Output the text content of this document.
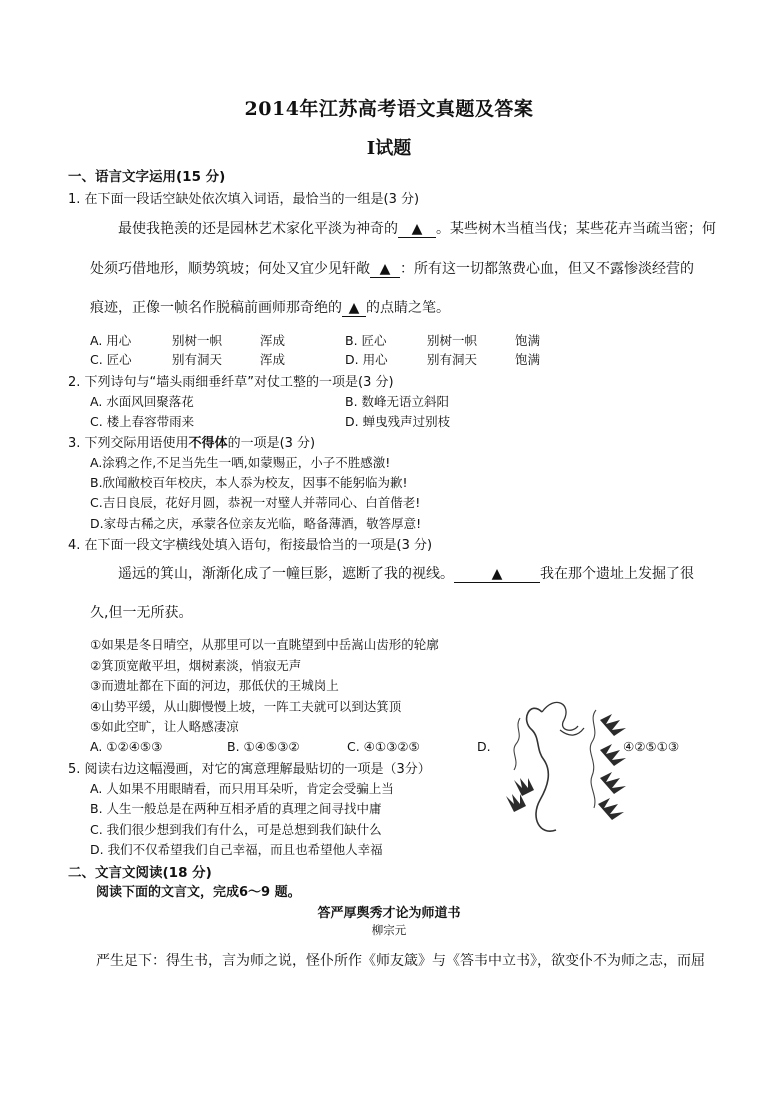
2014年江苏高考语文真题及答案
Ⅰ试题
一、语言文字运用(15 分)
1. 在下面一段话空缺处依次填入词语，最恰当的一组是(3 分)
最使我艳羡的还是园林艺术家化平淡为神奇的 ▲ 。某些树木当植当伐；某些花卉当疏当密；何
处须巧借地形，顺势筑坡；何处又宜少见轩敞 ▲ ：所有这一切都煞费心血，但又不露惨淡经营的
痕迹，正像一帧名作脱稿前画师那奇绝的 ▲ 的点睛之笔。
A. 用心	别树一帜	浑成	B. 匠心	别树一帜	饱满
C. 匠心	别有洞天	浑成	D. 用心	别有洞天	饱满
2. 下列诗句与“墙头雨细垂纤草”对仗工整的一项是(3 分)
A. 水面风回聚落花	B. 数峰无语立斜阳
C. 楼上春容带雨来	D. 蝉曳残声过别枝
3. 下列交际用语使用不得体的一项是(3 分)
A.涂鸦之作,不足当先生一哂,如蒙赐正，小子不胜感激!
B.欣闻敝校百年校庆，本人忝为校友，因事不能躬临为歉!
C.吉日良辰，花好月圆，恭祝一对璧人并蒂同心、白首偕老!
D.家母古稀之庆，承蒙各位亲友光临，略备薄酒，敬答厚意!
4. 在下面一段文字横线处填入语句，衔接最恰当的一项是(3 分)
遥远的箕山，渐渐化成了一幢巨影，遮断了我的视线。	▲	我在那个遗址上发掘了很
久,但一无所获。
①如果是冬日晴空，从那里可以一直眺望到中岳嵩山齿形的轮廓
②箕顶宽敞平坦，烟树素淡，悄寂无声
③而遗址都在下面的河边，那低伏的王城岗上
④山势平缓，从山脚慢慢上坡，一阵工夫就可以到达箕顶
⑤如此空旷，让人略感凄凉
A. ①②④⑤③	B. ①④⑤③②	C. ④①③②⑤	D.	④②⑤①③
5. 阅读右边这幅漫画，对它的寓意理解最贴切的一项是（3分）
A. 人如果不用眼睛看，而只用耳朵听，肯定会受骗上当
B. 人生一般总是在两种互相矛盾的真理之间寻找中庸
C. 我们很少想到我们有什么，可是总想到我们缺什么
D. 我们不仅希望我们自己幸福，而且也希望他人幸福
二、文言文阅读(18 分)
阅读下面的文言文，完成6～9 题。
答严厚舆秀才论为师道书
柳宗元
严生足下：得生书，言为师之说，怪仆所作《师友箴》与《答韦中立书》，欲变仆不为师之志，而屈
